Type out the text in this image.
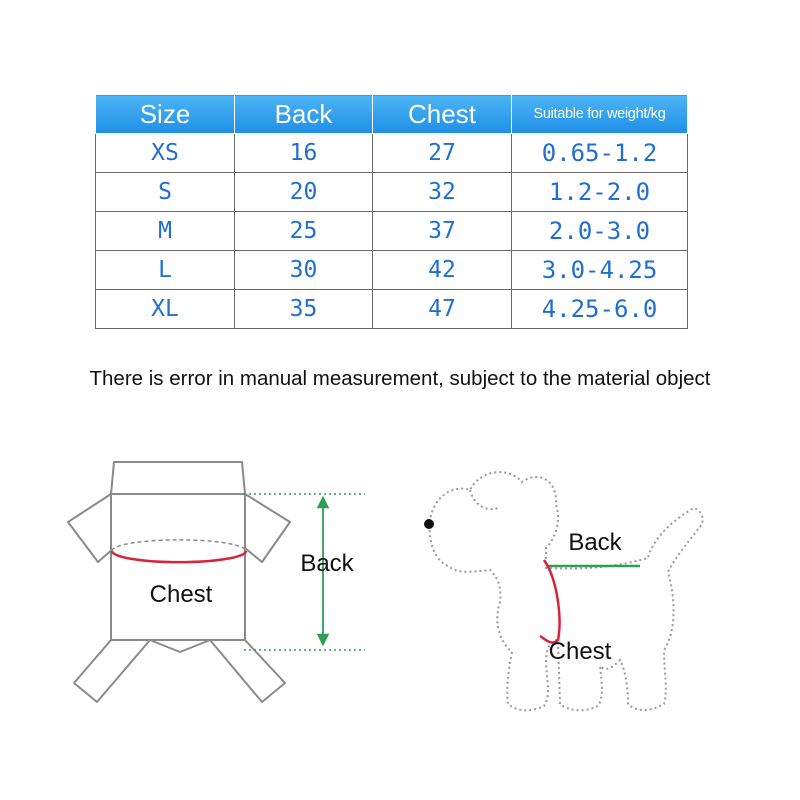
Size	Back	Chest	Suitable for weight/kg
XS	16	27	0.65-1.2
S	20	32	1.2-2.0
M	25	37	2.0-3.0
L	30	42	3.0-4.25
XL	35	47	4.25-6.0
There is error in manual measurement, subject to the material object
Chest
Back
Back
Chest
